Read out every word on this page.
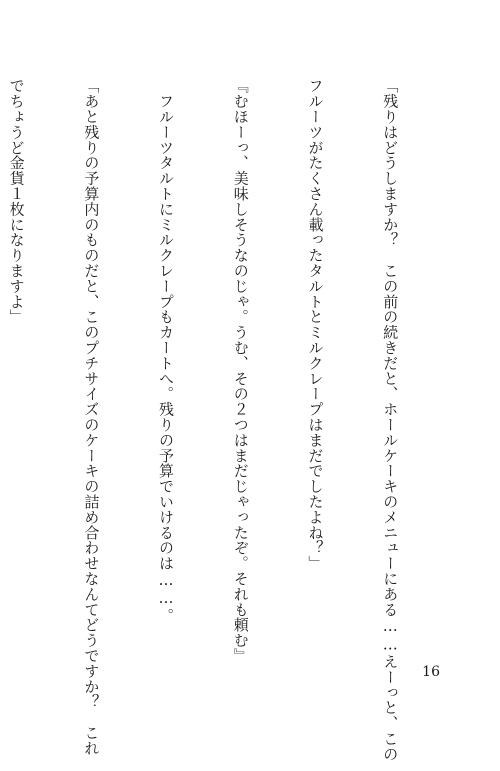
「残りはどうしますか？　この前の続きだと、ホールケーキのメニューにある……えーっと、この

フルーツがたくさん載ったタルトとミルクレープはまだでしたよね？」

『むほーっ、美味しそうなのじゃ。うむ、その２つはまだじゃったぞ。それも頼む』

　フルーツタルトにミルクレープもカートへ。残りの予算でいけるのは……。

「あと残りの予算内のものだと、このプチサイズのケーキの詰め合わせなんてどうですか？　これ

でちょうど金貨１枚になりますよ」

16
